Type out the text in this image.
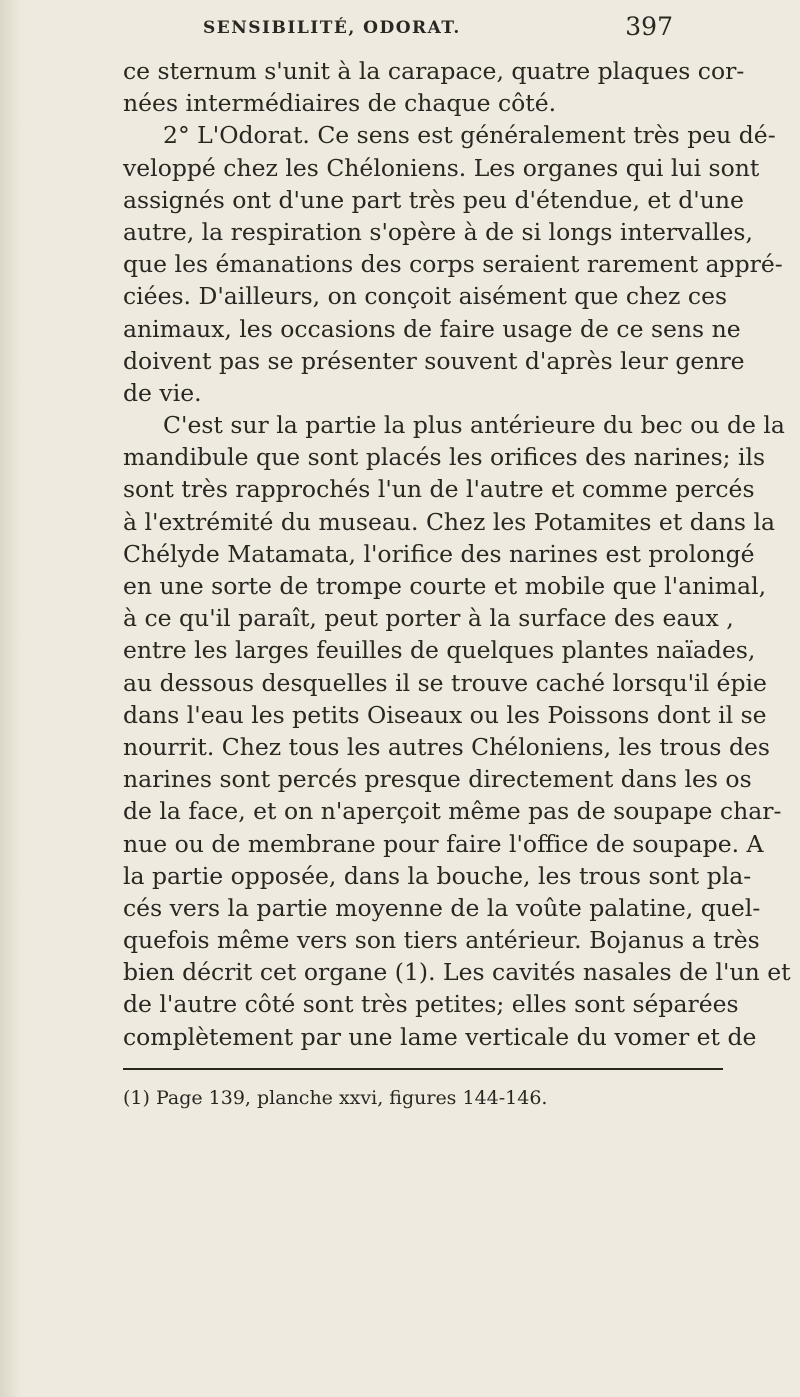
SENSIBILITÉ, ODORAT.	397
ce sternum s'unit à la carapace, quatre plaques cor-
nées intermédiaires de chaque côté.
2° L'Odorat. Ce sens est généralement très peu dé-
veloppé chez les Chéloniens. Les organes qui lui sont
assignés ont d'une part très peu d'étendue, et d'une
autre, la respiration s'opère à de si longs intervalles,
que les émanations des corps seraient rarement appré-
ciées. D'ailleurs, on conçoit aisément que chez ces
animaux, les occasions de faire usage de ce sens ne
doivent pas se présenter souvent d'après leur genre
de vie.
C'est sur la partie la plus antérieure du bec ou de la
mandibule que sont placés les orifices des narines; ils
sont très rapprochés l'un de l'autre et comme percés
à l'extrémité du museau. Chez les Potamites et dans la
Chélyde Matamata, l'orifice des narines est prolongé
en une sorte de trompe courte et mobile que l'animal,
à ce qu'il paraît, peut porter à la surface des eaux ,
entre les larges feuilles de quelques plantes naïades,
au dessous desquelles il se trouve caché lorsqu'il épie
dans l'eau les petits Oiseaux ou les Poissons dont il se
nourrit. Chez tous les autres Chéloniens, les trous des
narines sont percés presque directement dans les os
de la face, et on n'aperçoit même pas de soupape char-
nue ou de membrane pour faire l'office de soupape. A
la partie opposée, dans la bouche, les trous sont pla-
cés vers la partie moyenne de la voûte palatine, quel-
quefois même vers son tiers antérieur. Bojanus a très
bien décrit cet organe (1). Les cavités nasales de l'un et
de l'autre côté sont très petites; elles sont séparées
complètement par une lame verticale du vomer et de
(1) Page 139, planche xxvi, figures 144-146.
